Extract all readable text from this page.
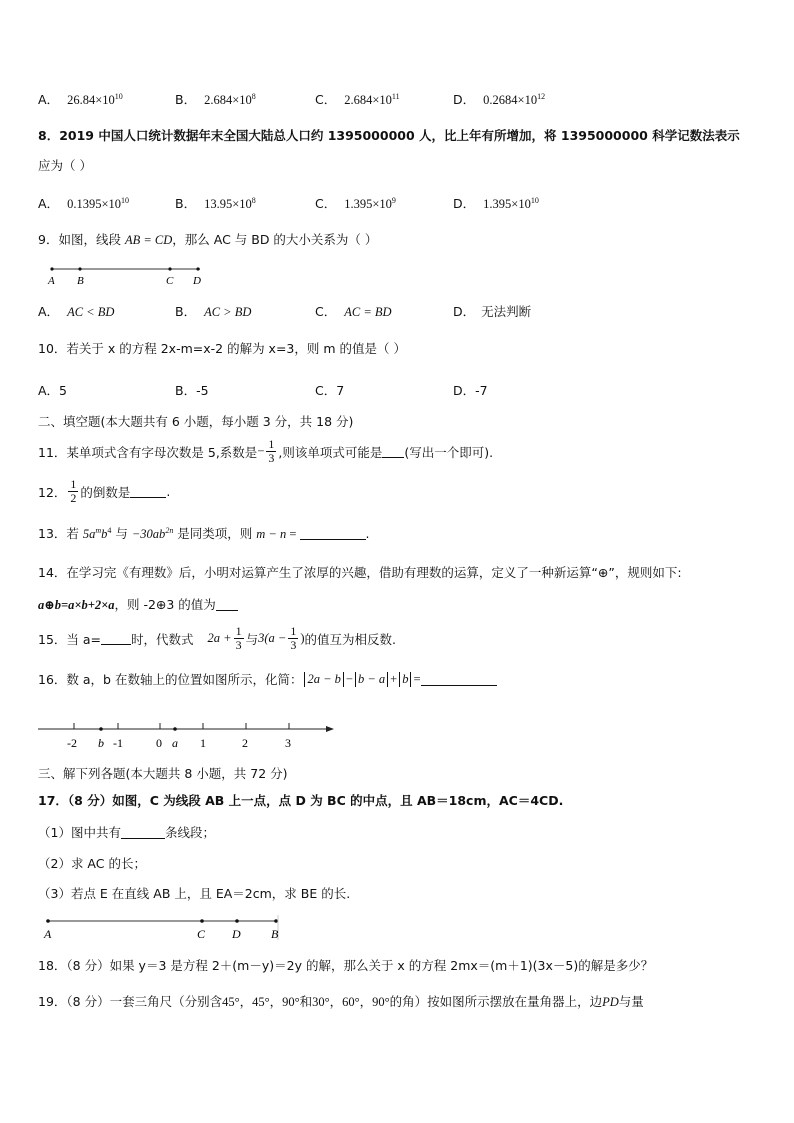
A． $26.84\times 10^{10}$	B． $2.684\times 10^8$	C． $2.684\times 10^{11}$	D． $0.2684\times 10^{12}$
8．2019 中国人口统计数据年末全国大陆总人口约 1395000000 人，比上年有所增加，将 1395000000 科学记数法表示
应为（ ）
A． $0.1395\times 10^{10}$	B． $13.95\times 10^8$	C． $1.395\times 10^9$	D． $1.395\times 10^{10}$
9．如图，线段 AB = CD，那么 AC 与 BD 的大小关系为（ ）
A B	C D
A． AC < BD	B． AC > BD	C． AC = BD	D． 无法判断
10．若关于 x 的方程 2x-m=x-2 的解为 x=3，则 m 的值是（ ）
A．5	B．-5	C．7	D．-7
二、填空题(本大题共有 6 小题，每小题 3 分，共 18 分)
11．某单项式含有字母次数是 5,系数是 − $\frac{1}{3}$ ,则该单项式可能是 (写出一个即可).
12． $\frac{1}{2}$ 的倒数是	.
13．若 $5a^mb^4$ 与 $-30ab^{2n}$ 是同类项，则 m − n =	.
14．在学习完《有理数》后，小明对运算产生了浓厚的兴趣，借助有理数的运算，定义了一种新运算“⊕”，规则如下:
a⊕b=a×b+2×a，则 -2⊕3 的值为
15．当 a= 时，代数式 $2a + \frac{1}{3}$ 与 $3(a - \frac{1}{3}$ ) 的值互为相反数.
16．数 a，b 在数轴上的位置如图所示，化简： 2a − b − b − a + b =
-2 b -1	0 a 1	2	3
三、解下列各题(本大题共 8 小题，共 72 分)
17．（8 分）如图，C 为线段 AB 上一点，点 D 为 BC 的中点，且 AB＝18cm，AC＝4CD.
（1）图中共有	条线段；
（2）求 AC 的长；
（3）若点 E 在直线 AB 上，且 EA＝2cm，求 BE 的长.
A	C D	B
18．（8 分）如果 y＝3 是方程 2＋(m－y)＝2y 的解，那么关于 x 的方程 2mx＝(m＋1)(3x－5)的解是多少？
19．（8 分）一套三角尺（分别含45°，45°，90°和30°，60°，90°的角）按如图所示摆放在量角器上，边PD与量
